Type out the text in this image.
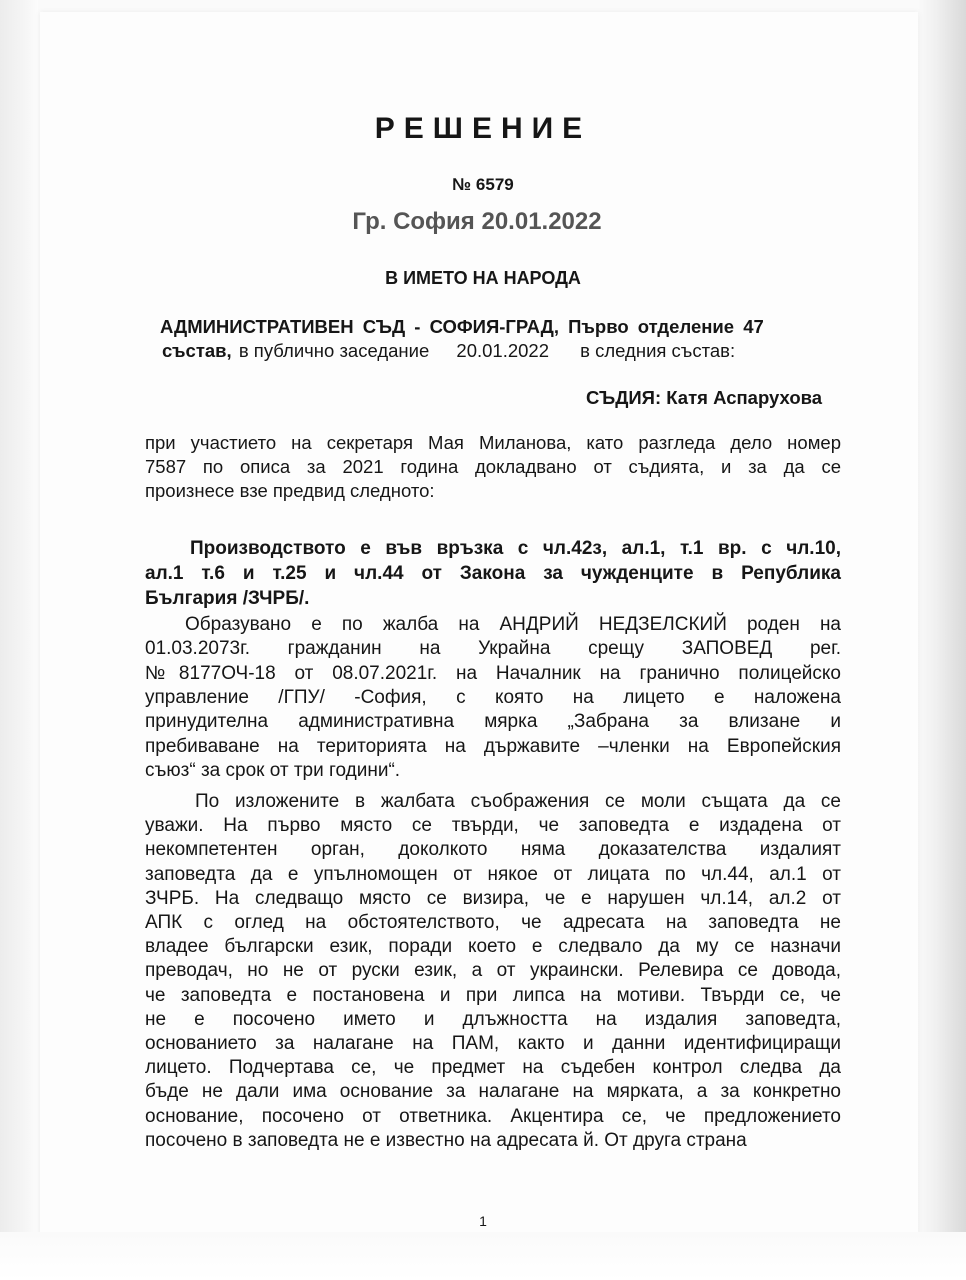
РЕШЕНИЕ
№ 6579
Гр. София 20.01.2022
В ИМЕТО НА НАРОДА
АДМИНИСТРАТИВЕН СЪД - СОФИЯ-ГРАД, Първо отделение 47
състав, в публично заседание 20.01.2022 в следния състав:
СЪДИЯ: Катя Аспарухова
при участието на секретаря Мая Миланова, като разгледа дело номер
7587 по описа за 2021 година докладвано от съдията, и за да се
произнесе взе предвид следното:
Производството е във връзка с чл.42з, ал.1, т.1 вр. с чл.10,
ал.1 т.6 и т.25 и чл.44 от Закона за чужденците в Република
България /ЗЧРБ/.
Образувано е по жалба на АНДРИЙ НЕДЗЕЛСКИЙ роден на
01.03.2073г. гражданин на Украйна срещу ЗАПОВЕД рег.
№8177ОЧ-18 от 08.07.2021г. на Началник на гранично полицейско
управление /ГПУ/ -София, с която на лицето е наложена
принудителна административна мярка „Забрана за влизане и
пребиваване на територията на държавите –членки на Европейския
съюз“ за срок от три години“.
По изложените в жалбата съображения се моли същата да се
уважи. На първо място се твърди, че заповедта е издадена от
некомпетентен орган, доколкото няма доказателства издалият
заповедта да е упълномощен от някое от лицата по чл.44, ал.1 от
ЗЧРБ. На следващо място се визира, че е нарушен чл.14, ал.2 от
АПК с оглед на обстоятелството, че адресата на заповедта не
владее български език, поради което е следвало да му се назначи
преводач, но не от руски език, а от украински. Релевира се довода,
че заповедта е постановена и при липса на мотиви. Твърди се, че
не е посочено името и длъжността на издалия заповедта,
основанието за налагане на ПАМ, както и данни идентифициращи
лицето. Подчертава се, че предмет на съдебен контрол следва да
бъде не дали има основание за налагане на мярката, а за конкретно
основание, посочено от ответника. Акцентира се, че предложението
посочено в заповедта не е известно на адресата й. От друга страна
1
